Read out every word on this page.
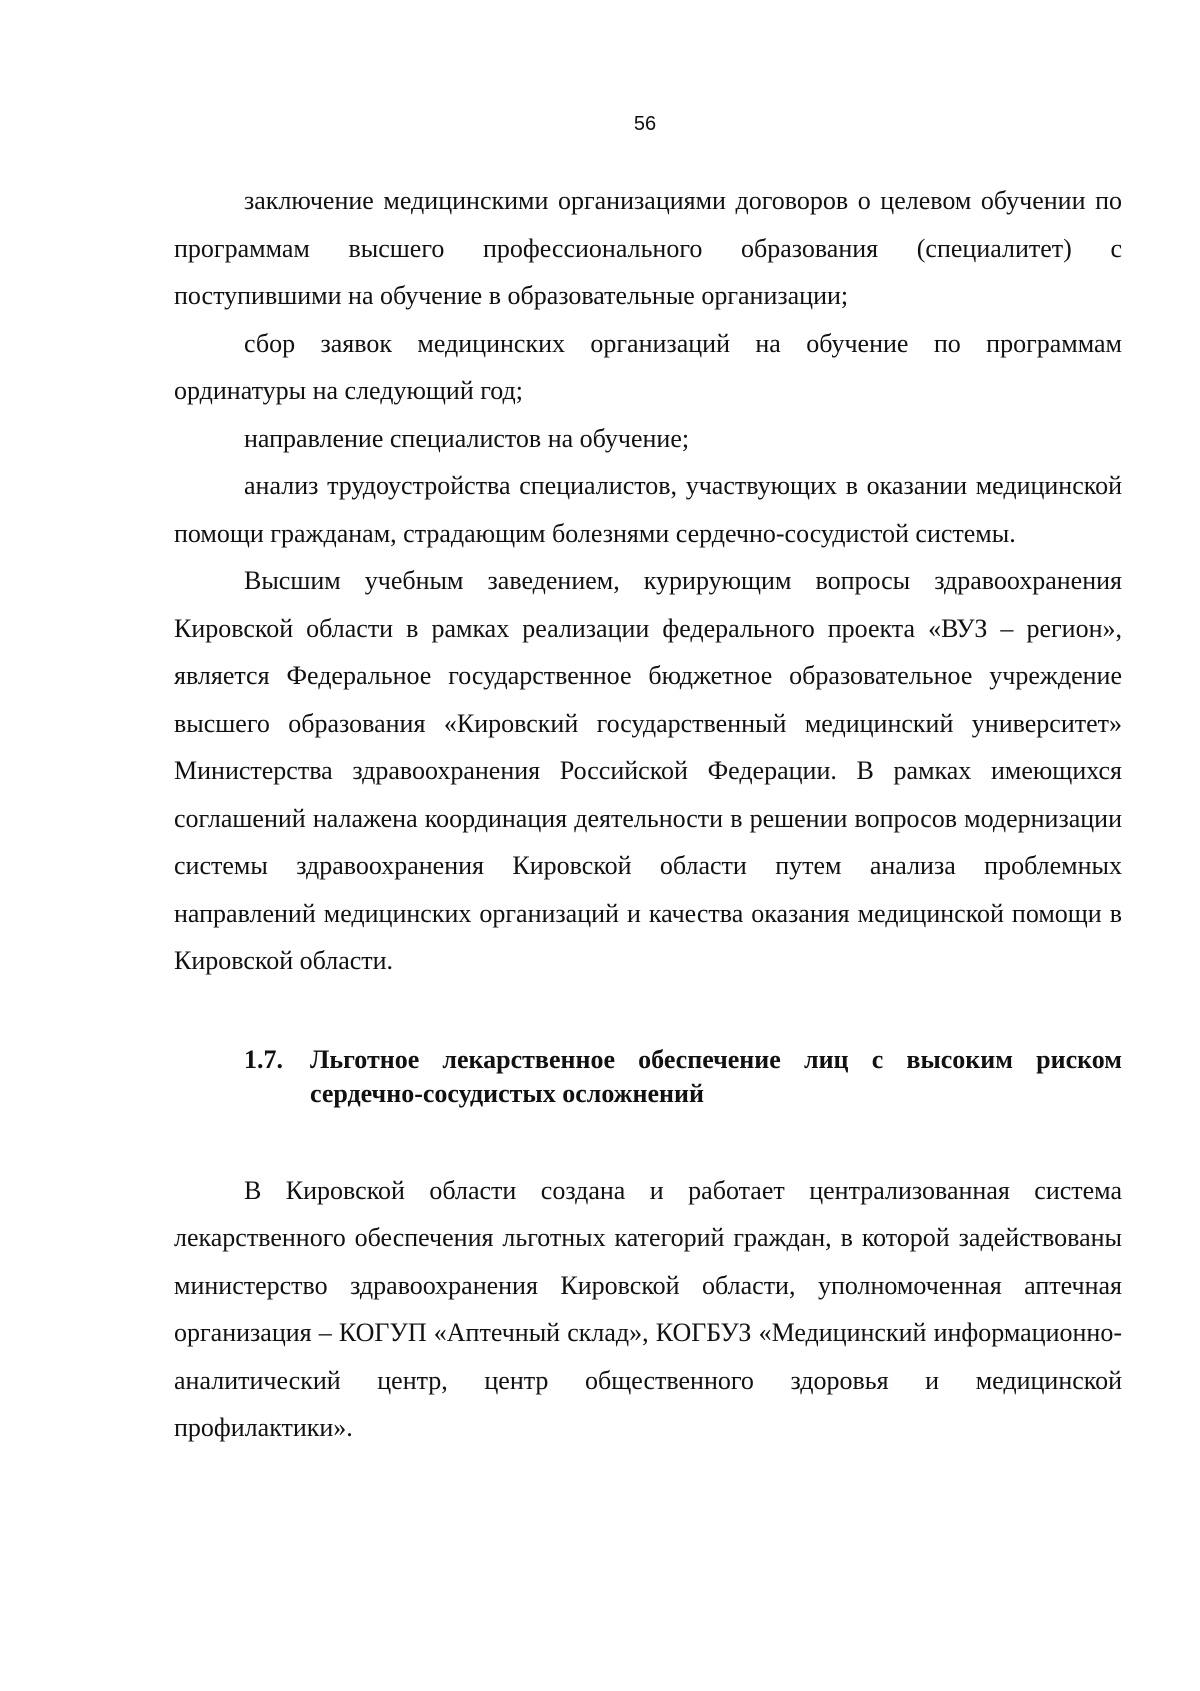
56

заключение медицинскими организациями договоров о целевом обучении по программам высшего профессионального образования (специалитет) с поступившими на обучение в образовательные организации;

сбор заявок медицинских организаций на обучение по программам ординатуры на следующий год;

направление специалистов на обучение;

анализ трудоустройства специалистов, участвующих в оказании медицинской помощи гражданам, страдающим болезнями сердечно-сосудистой системы.

Высшим учебным заведением, курирующим вопросы здравоохранения Кировской области в рамках реализации федерального проекта «ВУЗ – регион», является Федеральное государственное бюджетное образовательное учреждение высшего образования «Кировский государственный медицинский университет» Министерства здравоохранения Российской Федерации. В рамках имеющихся соглашений налажена координация деятельности в решении вопросов модернизации системы здравоохранения Кировской области путем анализа проблемных направлений медицинских организаций и качества оказания медицинской помощи в Кировской области.

1.7.	Льготное лекарственное обеспечение лиц с высоким риском сердечно-сосудистых осложнений

В Кировской области создана и работает централизованная система лекарственного обеспечения льготных категорий граждан, в которой задействованы министерство здравоохранения Кировской области, уполномоченная аптечная организация – КОГУП «Аптечный склад», КОГБУЗ «Медицинский информационно-аналитический центр, центр общественного здоровья и медицинской профилактики».
